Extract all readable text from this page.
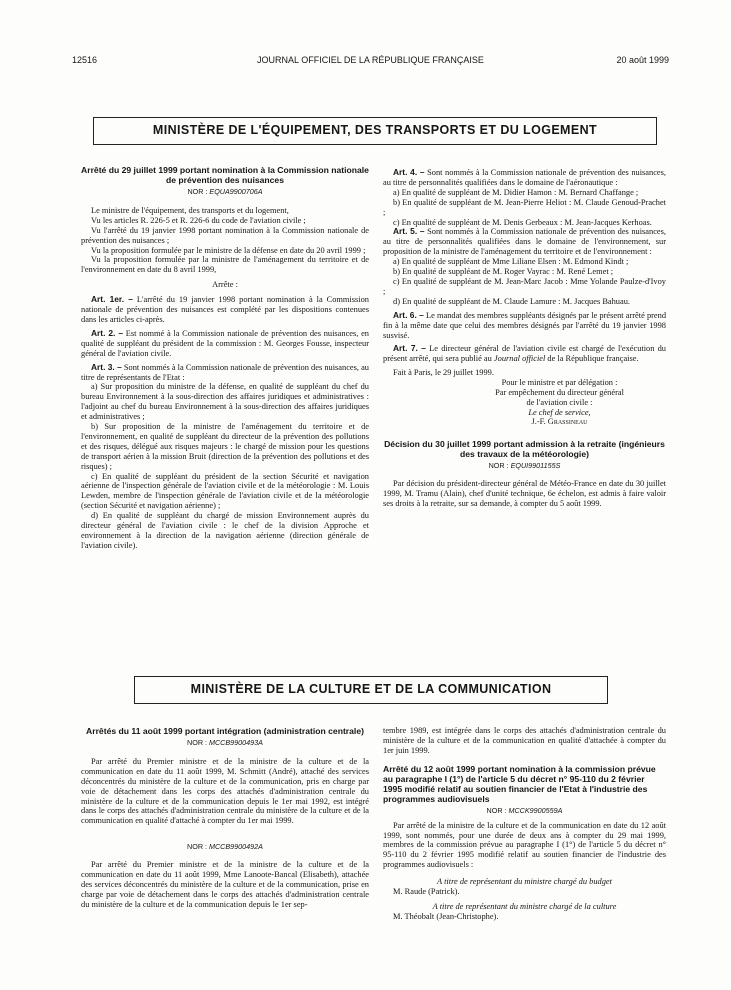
JOURNAL OFFICIEL DE LA RÉPUBLIQUE FRANÇAISE
12516	20 août 1999
MINISTÈRE DE L'ÉQUIPEMENT, DES TRANSPORTS ET DU LOGEMENT
Arrêté du 29 juillet 1999 portant nomination à la Commission nationale de prévention des nuisances
NOR : EQUA9900706A

Le ministre de l'équipement, des transports et du logement,

Vu les articles R. 226-5 et R. 226-6 du code de l'aviation civile ;

Vu l'arrêté du 19 janvier 1998 portant nomination à la Commission nationale de prévention des nuisances ;

Vu la proposition formulée par le ministre de la défense en date du 20 avril 1999 ;

Vu la proposition formulée par la ministre de l'aménagement du territoire et de l'environnement en date du 8 avril 1999,

Arrête :

Art. 1er. – L'arrêté du 19 janvier 1998 portant nomination à la Commission nationale de prévention des nuisances est complété par les dispositions contenues dans les articles ci-après.

Art. 2. – Est nommé à la Commission nationale de prévention des nuisances, en qualité de suppléant du président de la commission : M. Georges Fousse, inspecteur général de l'aviation civile.

Art. 3. – Sont nommés à la Commission nationale de prévention des nuisances, au titre de représentants de l'Etat :

a) Sur proposition du ministre de la défense, en qualité de suppléant du chef du bureau Environnement à la sous-direction des affaires juridiques et administratives : l'adjoint au chef du bureau Environnement à la sous-direction des affaires juridiques et administratives ;

b) Sur proposition de la ministre de l'aménagement du territoire et de l'environnement, en qualité de suppléant du directeur de la prévention des pollutions et des risques, délégué aux risques majeurs : le chargé de mission pour les questions de transport aérien à la mission Bruit (direction de la prévention des pollutions et des risques) ;

c) En qualité de suppléant du président de la section Sécurité et navigation aérienne de l'inspection générale de l'aviation civile et de la météorologie : M. Louis Lewden, membre de l'inspection générale de l'aviation civile et de la météorologie (section Sécurité et navigation aérienne) ;

d) En qualité de suppléant du chargé de mission Environnement auprès du directeur général de l'aviation civile : le chef de la division Approche et environnement à la direction de la navigation aérienne (direction générale de l'aviation civile).

Art. 4. – Sont nommés à la Commission nationale de prévention des nuisances, au titre de personnalités qualifiées dans le domaine de l'aéronautique :

a) En qualité de suppléant de M. Didier Hamon : M. Bernard Chaffange ;

b) En qualité de suppléant de M. Jean-Pierre Heliot : M. Claude Genoud-Prachet ;

c) En qualité de suppléant de M. Denis Gerbeaux : M. Jean-Jacques Kerhoas.

Art. 5. – Sont nommés à la Commission nationale de prévention des nuisances, au titre de personnalités qualifiées dans le domaine de l'environnement, sur proposition de la ministre de l'aménagement du territoire et de l'environnement :

a) En qualité de suppléant de Mme Liliane Elsen : M. Edmond Kindt ;

b) En qualité de suppléant de M. Roger Vayrac : M. René Lemet ;

c) En qualité de suppléant de M. Jean-Marc Jacob : Mme Yolande Paulze-d'Ivoy ;

d) En qualité de suppléant de M. Claude Lamure : M. Jacques Bahuau.

Art. 6. – Le mandat des membres suppléants désignés par le présent arrêté prend fin à la même date que celui des membres désignés par l'arrêté du 19 janvier 1998 susvisé.

Art. 7. – Le directeur général de l'aviation civile est chargé de l'exécution du présent arrêté, qui sera publié au Journal officiel de la République française.

Fait à Paris, le 29 juillet 1999.

Pour le ministre et par délégation :
Par empêchement du directeur général
de l'aviation civile :
Le chef de service,
J.-F. Grassineau
Décision du 30 juillet 1999 portant admission à la retraite (ingénieurs des travaux de la météorologie)
NOR : EQUI9901155S

Par décision du président-directeur général de Météo-France en date du 30 juillet 1999, M. Tramu (Alain), chef d'unité technique, 6e échelon, est admis à faire valoir ses droits à la retraite, sur sa demande, à compter du 5 août 1999.

MINISTÈRE DE LA CULTURE ET DE LA COMMUNICATION
Arrêtés du 11 août 1999 portant intégration (administration centrale)
NOR : MCCB9900493A

Par arrêté du Premier ministre et de la ministre de la culture et de la communication en date du 11 août 1999, M. Schmitt (André), attaché des services déconcentrés du ministère de la culture et de la communication, pris en charge par voie de détachement dans les corps des attachés d'administration centrale du ministère de la culture et de la communication depuis le 1er mai 1992, est intégré dans le corps des attachés d'administration centrale du ministère de la culture et de la communication en qualité d'attaché à compter du 1er mai 1999.

NOR : MCCB9900492A

Par arrêté du Premier ministre et de la ministre de la culture et de la communication en date du 11 août 1999, Mme Lanoote-Bancal (Elisabeth), attachée des services déconcentrés du ministère de la culture et de la communication, prise en charge par voie de détachement dans le corps des attachés d'administration centrale du ministère de la culture et de la communication depuis le 1er sep-

tembre 1989, est intégrée dans le corps des attachés d'administration centrale du ministère de la culture et de la communication en qualité d'attachée à compter du 1er juin 1999.

Arrêté du 12 août 1999 portant nomination à la commission prévue au paragraphe I (1°) de l'article 5 du décret n° 95-110 du 2 février 1995 modifié relatif au soutien financier de l'Etat à l'industrie des programmes audiovisuels
NOR : MCCK9900559A

Par arrêté de la ministre de la culture et de la communication en date du 12 août 1999, sont nommés, pour une durée de deux ans à compter du 29 mai 1999, membres de la commission prévue au paragraphe I (1°) de l'article 5 du décret n° 95-110 du 2 février 1995 modifié relatif au soutien financier de l'industrie des programmes audiovisuels :

A titre de représentant du ministre chargé du budget

M. Raude (Patrick).

A titre de représentant du ministre chargé de la culture

M. Théobalt (Jean-Christophe).
